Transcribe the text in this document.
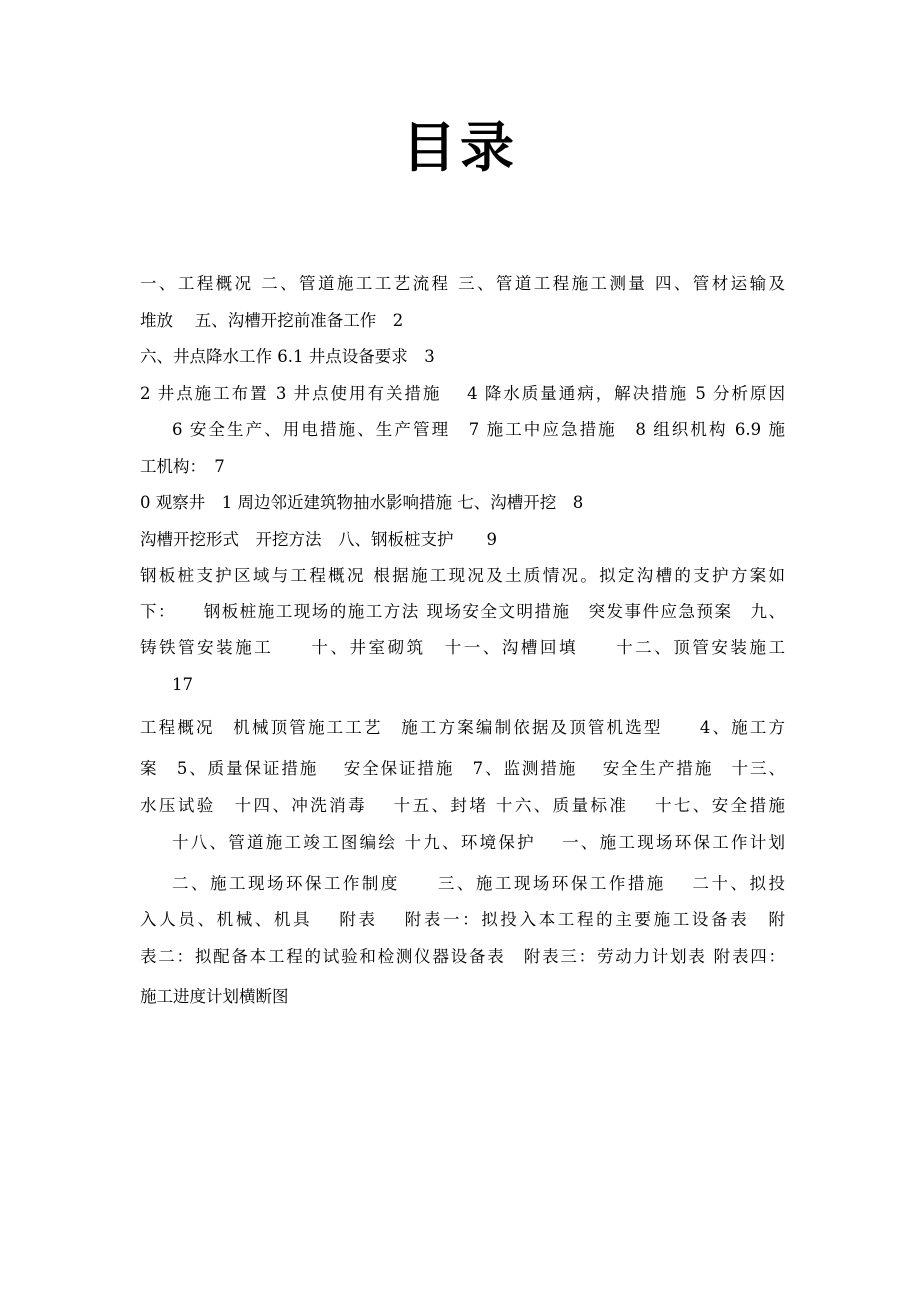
目录
一、工程概况 二、管道施工工艺流程 三、管道工程施工测量 四、管材运输及
堆放　 五、沟槽开挖前准备工作　2
六、井点降水工作 6.1 井点设备要求　3
2 井点施工布置 3 井点使用有关措施　 4 降水质量通病，解决措施 5 分析原因
6 安全生产、用电措施、生产管理　7 施工中应急措施　8 组织机构 6.9 施
工机构：　7
0 观察井　1 周边邻近建筑物抽水影响措施 七、沟槽开挖　8
沟槽开挖形式　开挖方法　八、钢板桩支护　　9
钢板桩支护区域与工程概况 根据施工现况及土质情况。拟定沟槽的支护方案如
下：　　钢板桩施工现场的施工方法 现场安全文明措施　突发事件应急预案　九、
铸铁管安装施工　　十、井室砌筑　十一、沟槽回填　　十二、顶管安装施工
17
工程概况　机械顶管施工工艺　施工方案编制依据及顶管机选型　　4、施工方
案　5、质量保证措施　 安全保证措施　7、监测措施　 安全生产措施　十三、
水压试验　十四、冲洗消毒　 十五、封堵 十六、质量标准　 十七、安全措施
十八、管道施工竣工图编绘 十九、环境保护　 一、施工现场环保工作计划
二、施工现场环保工作制度　　三、施工现场环保工作措施　 二十、拟投
入人员、机械、机具　 附表　 附表一：拟投入本工程的主要施工设备表　附
表二：拟配备本工程的试验和检测仪器设备表　附表三：劳动力计划表 附表四：
施工进度计划横断图
